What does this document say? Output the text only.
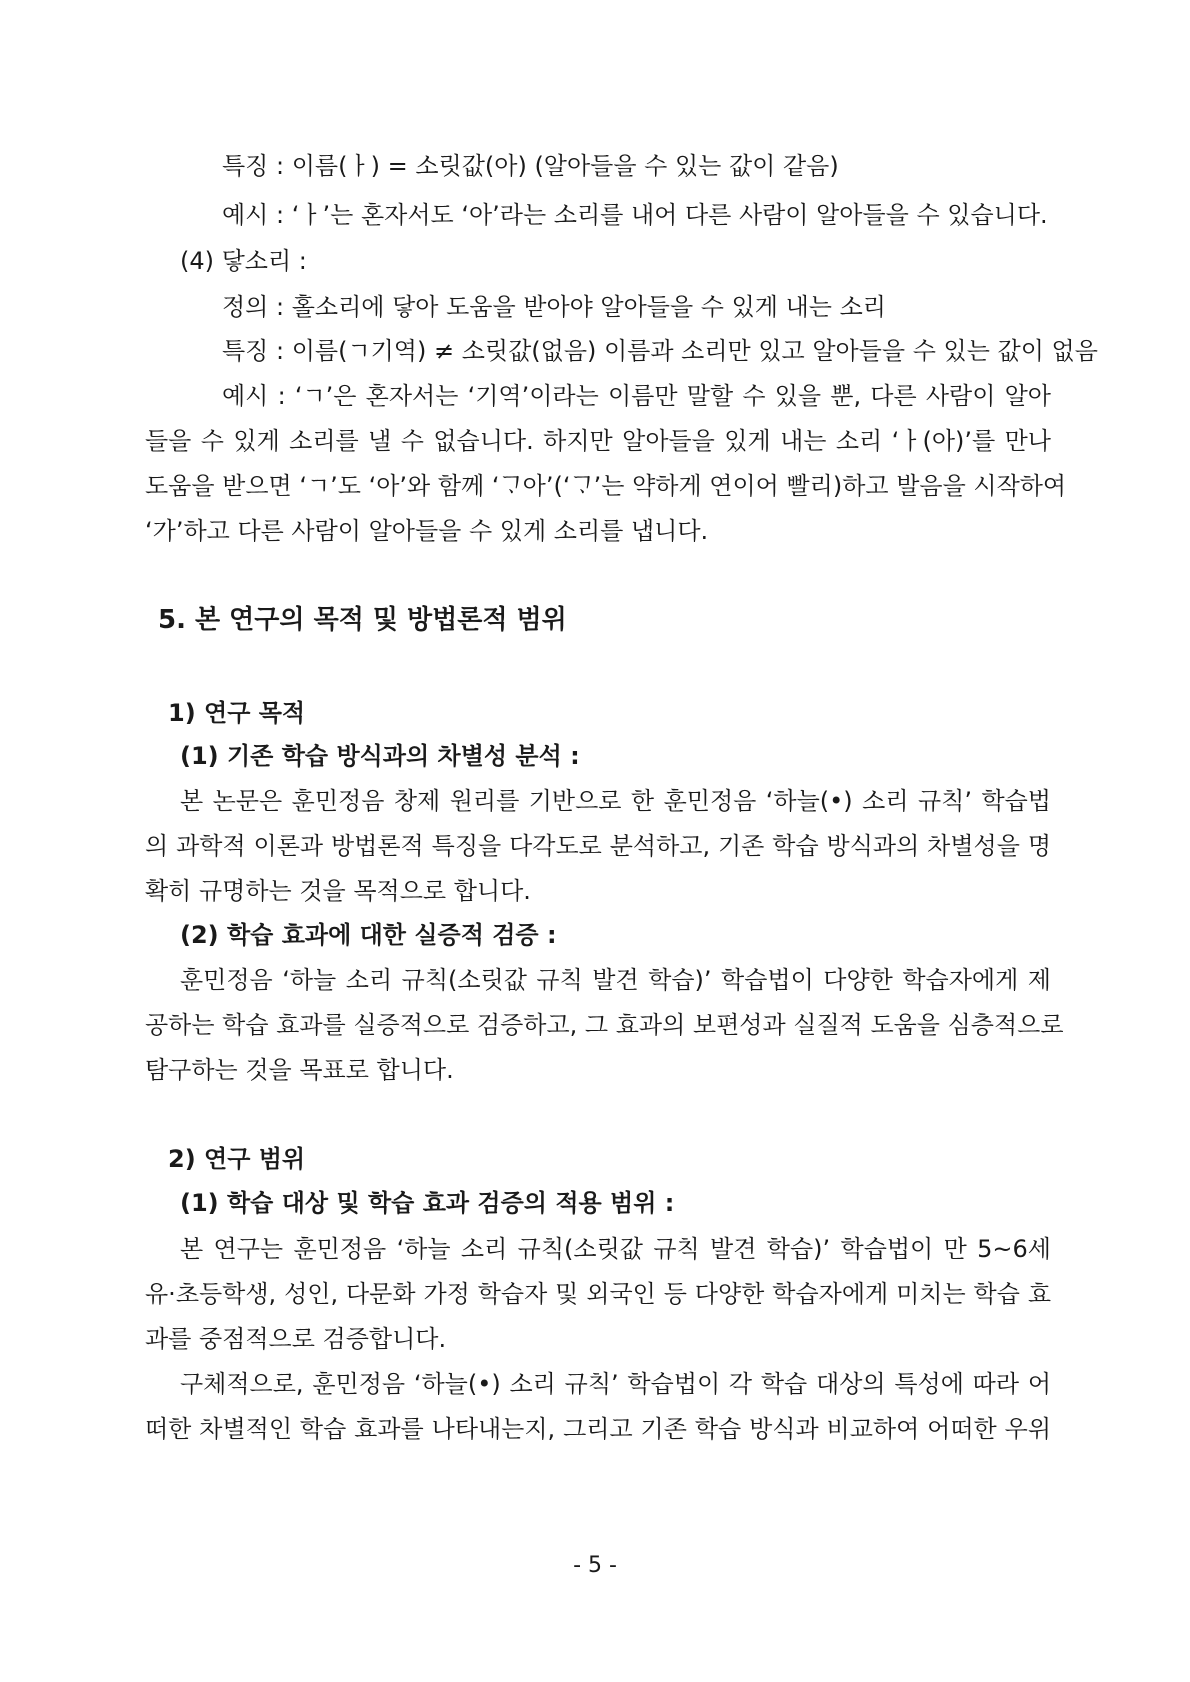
특징 : 이름(ㅏ) = 소릿값(아) (알아들을 수 있는 값이 같음)

예시 : ‘ㅏ’는 혼자서도 ‘아’라는 소리를 내어 다른 사람이 알아들을 수 있습니다.

(4) 닿소리 :

정의 : 홀소리에 닿아 도움을 받아야 알아들을 수 있게 내는 소리

특징 : 이름(ㄱ기역) ≠ 소릿값(없음) 이름과 소리만 있고 알아들을 수 있는 값이 없음

예시 : ‘ㄱ’은 혼자서는 ‘기역’이라는 이름만 말할 수 있을 뿐, 다른 사람이 알아

들을 수 있게 소리를 낼 수 없습니다. 하지만 알아들을 있게 내는 소리 ‘ㅏ(아)’를 만나

도움을 받으면 ‘ㄱ’도 ‘아’와 함께 ‘ᄀᆞ아’(‘ᄀᆞ’는 약하게 연이어 빨리)하고 발음을 시작하여

‘가’하고 다른 사람이 알아들을 수 있게 소리를 냅니다.

5. 본 연구의 목적 및 방법론적 범위

1) 연구 목적

(1) 기존 학습 방식과의 차별성 분석 :

본 논문은 훈민정음 창제 원리를 기반으로 한 훈민정음 ‘하늘(•) 소리 규칙’ 학습법

의 과학적 이론과 방법론적 특징을 다각도로 분석하고, 기존 학습 방식과의 차별성을 명

확히 규명하는 것을 목적으로 합니다.

(2) 학습 효과에 대한 실증적 검증 :

훈민정음 ‘하늘 소리 규칙(소릿값 규칙 발견 학습)’ 학습법이 다양한 학습자에게 제

공하는 학습 효과를 실증적으로 검증하고, 그 효과의 보편성과 실질적 도움을 심층적으로

탐구하는 것을 목표로 합니다.

2) 연구 범위

(1) 학습 대상 및 학습 효과 검증의 적용 범위 :

본 연구는 훈민정음 ‘하늘 소리 규칙(소릿값 규칙 발견 학습)’ 학습법이 만 5~6세

유·초등학생, 성인, 다문화 가정 학습자 및 외국인 등 다양한 학습자에게 미치는 학습 효

과를 중점적으로 검증합니다.

구체적으로, 훈민정음 ‘하늘(•) 소리 규칙’ 학습법이 각 학습 대상의 특성에 따라 어

떠한 차별적인 학습 효과를 나타내는지, 그리고 기존 학습 방식과 비교하여 어떠한 우위

- 5 -
